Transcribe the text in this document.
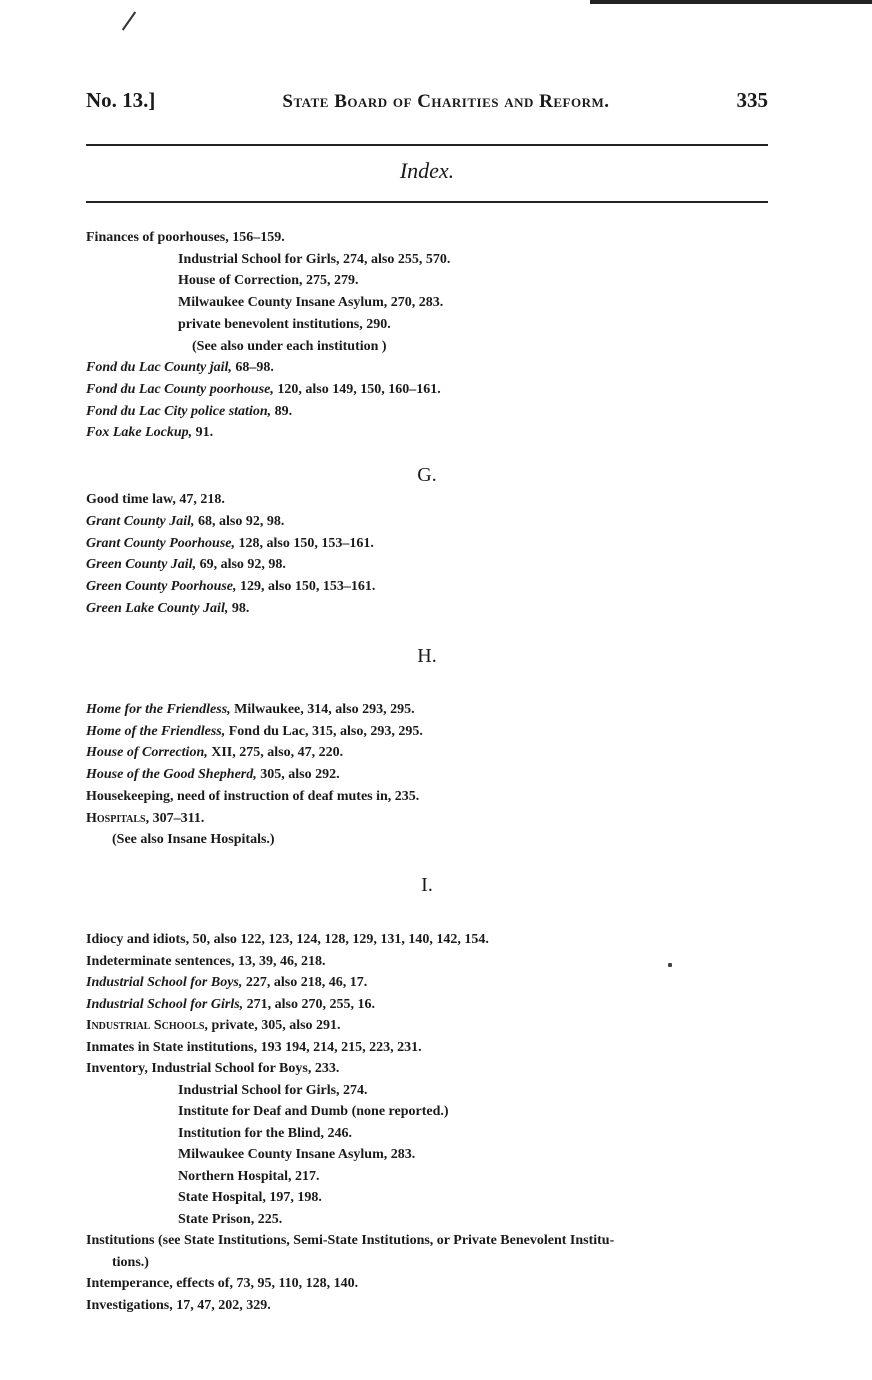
No. 13.]	State Board of Charities and Reform.	335
Index.
Finances of poorhouses, 156–159.
Industrial School for Girls, 274, also 255, 570.
House of Correction, 275, 279.
Milwaukee County Insane Asylum, 270, 283.
private benevolent institutions, 290.
(See also under each institution )
Fond du Lac County jail, 68–98.
Fond du Lac County poorhouse, 120, also 149, 150, 160–161.
Fond du Lac City police station, 89.
Fox Lake Lockup, 91.
G.
Good time law, 47, 218.
Grant County Jail, 68, also 92, 98.
Grant County Poorhouse, 128, also 150, 153–161.
Green County Jail, 69, also 92, 98.
Green County Poorhouse, 129, also 150, 153–161.
Green Lake County Jail, 98.
H.
Home for the Friendless, Milwaukee, 314, also 293, 295.
Home of the Friendless, Fond du Lac, 315, also, 293, 295.
House of Correction, XII, 275, also, 47, 220.
House of the Good Shepherd, 305, also 292.
Housekeeping, need of instruction of deaf mutes in, 235.
Hospitals, 307–311.
(See also Insane Hospitals.)
I.
Idiocy and idiots, 50, also 122, 123, 124, 128, 129, 131, 140, 142, 154.
Indeterminate sentences, 13, 39, 46, 218.
Industrial School for Boys, 227, also 218, 46, 17.
Industrial School for Girls, 271, also 270, 255, 16.
Industrial Schools, private, 305, also 291.
Inmates in State institutions, 193 194, 214, 215, 223, 231.
Inventory, Industrial School for Boys, 233.
Industrial School for Girls, 274.
Institute for Deaf and Dumb (none reported.)
Institution for the Blind, 246.
Milwaukee County Insane Asylum, 283.
Northern Hospital, 217.
State Hospital, 197, 198.
State Prison, 225.
Institutions (see State Institutions, Semi-State Institutions, or Private Benevolent Institu-
tions.)
Intemperance, effects of, 73, 95, 110, 128, 140.
Investigations, 17, 47, 202, 329.
